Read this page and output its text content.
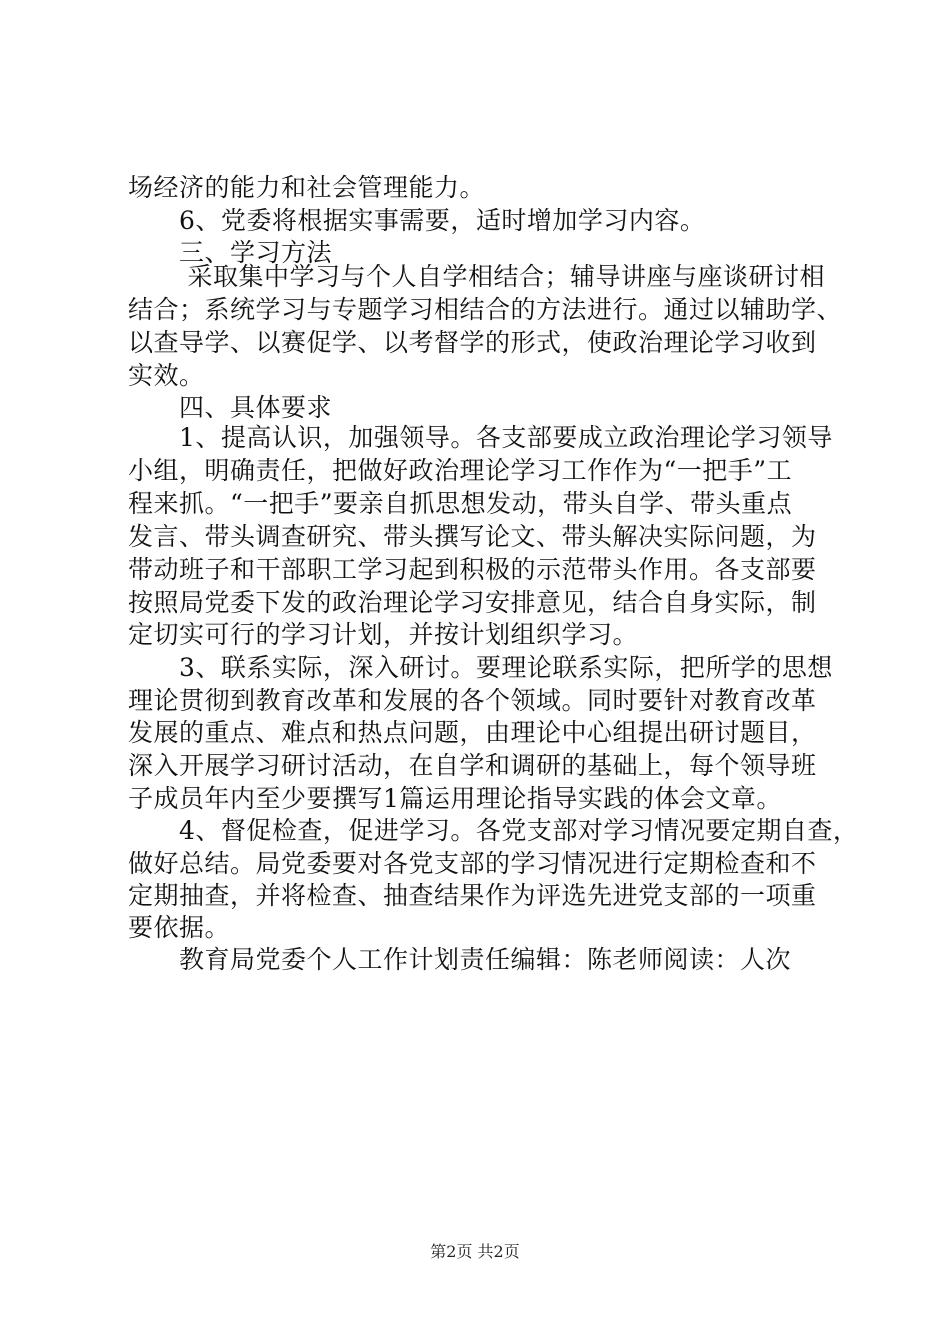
场经济的能力和社会管理能力。
　　6、党委将根据实事需要，适时增加学习内容。
　　三、学习方法
　　 采取集中学习与个人自学相结合；辅导讲座与座谈研讨相
结合；系统学习与专题学习相结合的方法进行。通过以辅助学、
以查导学、以赛促学、以考督学的形式，使政治理论学习收到
实效。
　　四、具体要求
　　1、提高认识，加强领导。各支部要成立政治理论学习领导
小组，明确责任，把做好政治理论学习工作作为“一把手”工
程来抓。“一把手”要亲自抓思想发动，带头自学、带头重点
发言、带头调查研究、带头撰写论文、带头解决实际问题，为
带动班子和干部职工学习起到积极的示范带头作用。各支部要
按照局党委下发的政治理论学习安排意见，结合自身实际，制
定切实可行的学习计划，并按计划组织学习。
　　3、联系实际，深入研讨。要理论联系实际，把所学的思想
理论贯彻到教育改革和发展的各个领域。同时要针对教育改革
发展的重点、难点和热点问题，由理论中心组提出研讨题目，
深入开展学习研讨活动，在自学和调研的基础上，每个领导班
子成员年内至少要撰写1篇运用理论指导实践的体会文章。
　　4、督促检查，促进学习。各党支部对学习情况要定期自查，
做好总结。局党委要对各党支部的学习情况进行定期检查和不
定期抽查，并将检查、抽查结果作为评选先进党支部的一项重
要依据。
　　教育局党委个人工作计划责任编辑：陈老师阅读：人次
第2页 共2页
